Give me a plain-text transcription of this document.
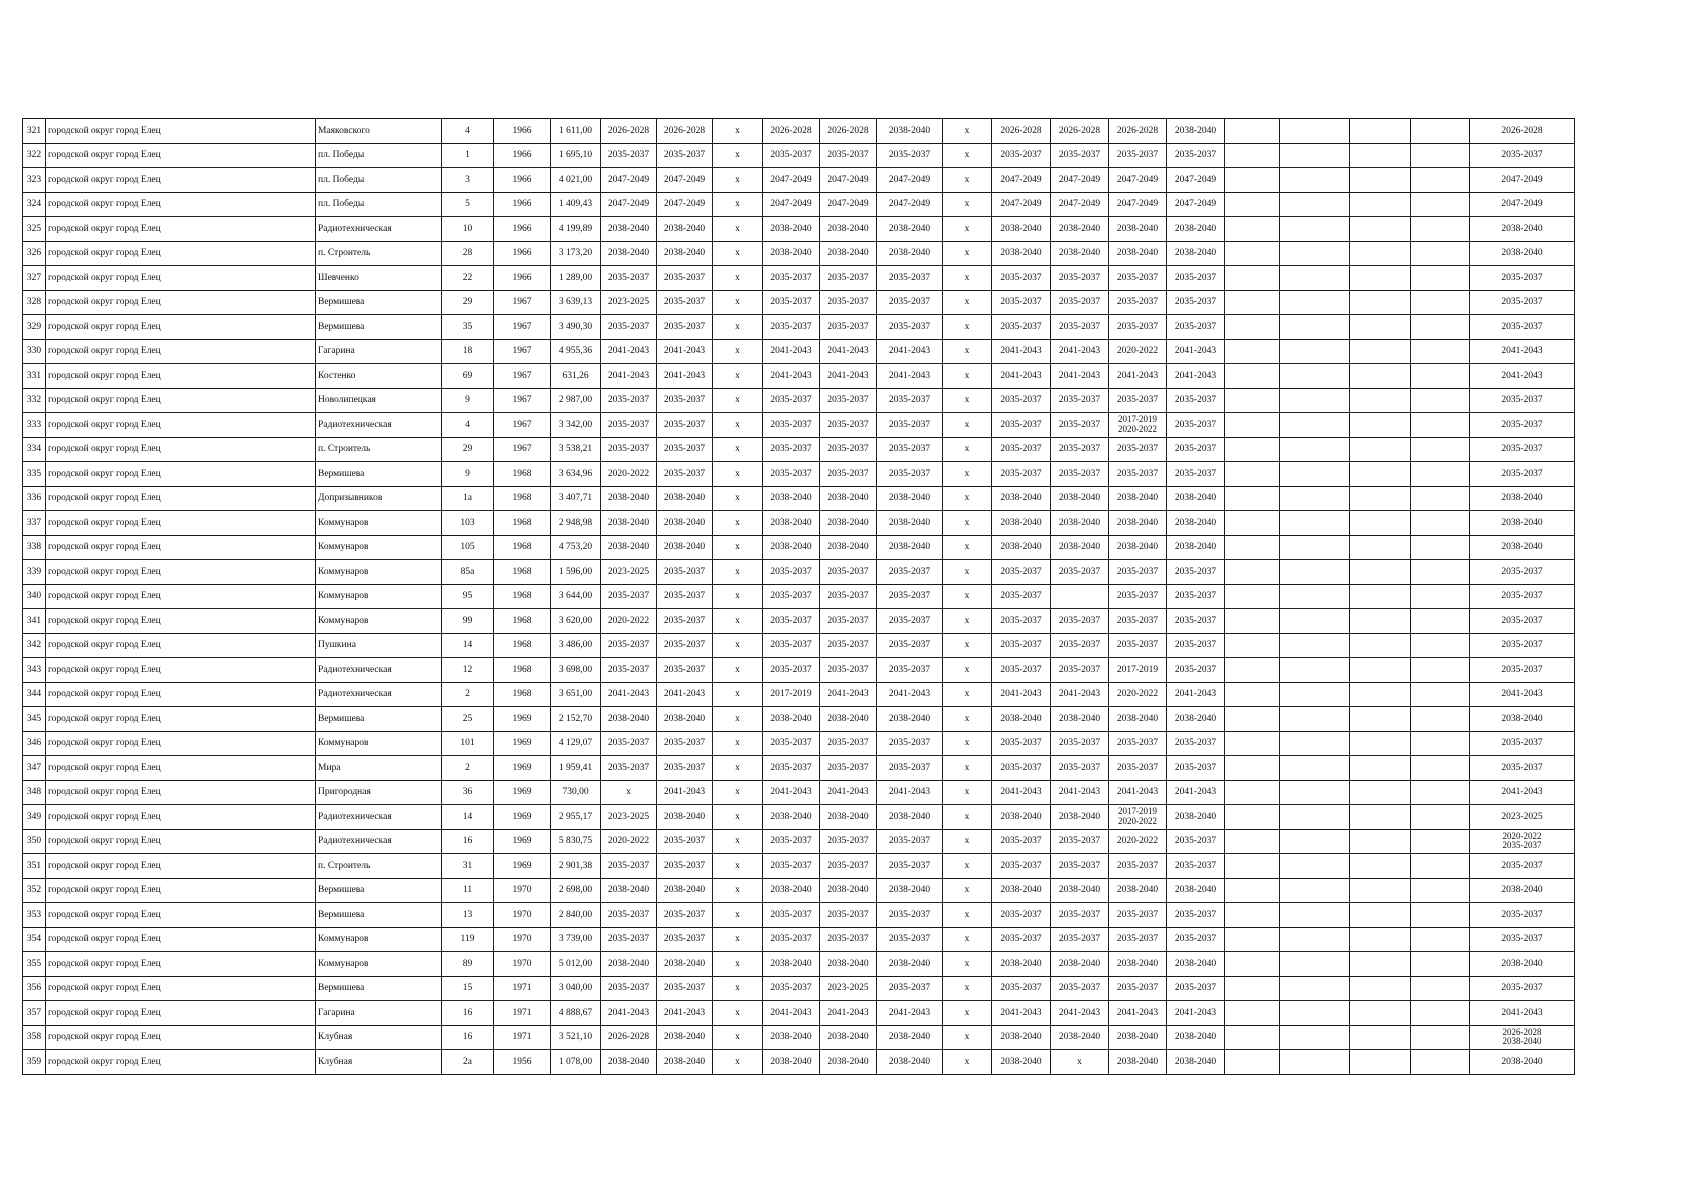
321	городской округ город Елец	Маяковского	4	1966	1 611,00	2026-2028	2026-2028	х	2026-2028	2026-2028	2038-2040	х	2026-2028	2026-2028	2026-2028	2038-2040					2026-2028
322	городской округ город Елец	пл. Победы	1	1966	1 695,10	2035-2037	2035-2037	х	2035-2037	2035-2037	2035-2037	х	2035-2037	2035-2037	2035-2037	2035-2037					2035-2037
323	городской округ город Елец	пл. Победы	3	1966	4 021,00	2047-2049	2047-2049	х	2047-2049	2047-2049	2047-2049	х	2047-2049	2047-2049	2047-2049	2047-2049					2047-2049
324	городской округ город Елец	пл. Победы	5	1966	1 409,43	2047-2049	2047-2049	х	2047-2049	2047-2049	2047-2049	х	2047-2049	2047-2049	2047-2049	2047-2049					2047-2049
325	городской округ город Елец	Радиотехническая	10	1966	4 199,89	2038-2040	2038-2040	х	2038-2040	2038-2040	2038-2040	х	2038-2040	2038-2040	2038-2040	2038-2040					2038-2040
326	городской округ город Елец	п. Строитель	28	1966	3 173,20	2038-2040	2038-2040	х	2038-2040	2038-2040	2038-2040	х	2038-2040	2038-2040	2038-2040	2038-2040					2038-2040
327	городской округ город Елец	Шевченко	22	1966	1 289,00	2035-2037	2035-2037	х	2035-2037	2035-2037	2035-2037	х	2035-2037	2035-2037	2035-2037	2035-2037					2035-2037
328	городской округ город Елец	Вермишева	29	1967	3 639,13	2023-2025	2035-2037	х	2035-2037	2035-2037	2035-2037	х	2035-2037	2035-2037	2035-2037	2035-2037					2035-2037
329	городской округ город Елец	Вермишева	35	1967	3 490,30	2035-2037	2035-2037	х	2035-2037	2035-2037	2035-2037	х	2035-2037	2035-2037	2035-2037	2035-2037					2035-2037
330	городской округ город Елец	Гагарина	18	1967	4 955,36	2041-2043	2041-2043	х	2041-2043	2041-2043	2041-2043	х	2041-2043	2041-2043	2020-2022	2041-2043					2041-2043
331	городской округ город Елец	Костенко	69	1967	631,26	2041-2043	2041-2043	х	2041-2043	2041-2043	2041-2043	х	2041-2043	2041-2043	2041-2043	2041-2043					2041-2043
332	городской округ город Елец	Новолипецкая	9	1967	2 987,00	2035-2037	2035-2037	х	2035-2037	2035-2037	2035-2037	х	2035-2037	2035-2037	2035-2037	2035-2037					2035-2037
333	городской округ город Елец	Радиотехническая	4	1967	3 342,00	2035-2037	2035-2037	х	2035-2037	2035-2037	2035-2037	х	2035-2037	2035-2037	2017-2019
2020-2022	2035-2037					2035-2037
334	городской округ город Елец	п. Строитель	29	1967	3 538,21	2035-2037	2035-2037	х	2035-2037	2035-2037	2035-2037	х	2035-2037	2035-2037	2035-2037	2035-2037					2035-2037
335	городской округ город Елец	Вермишева	9	1968	3 634,96	2020-2022	2035-2037	х	2035-2037	2035-2037	2035-2037	х	2035-2037	2035-2037	2035-2037	2035-2037					2035-2037
336	городской округ город Елец	Допризывников	1а	1968	3 407,71	2038-2040	2038-2040	х	2038-2040	2038-2040	2038-2040	х	2038-2040	2038-2040	2038-2040	2038-2040					2038-2040
337	городской округ город Елец	Коммунаров	103	1968	2 948,98	2038-2040	2038-2040	х	2038-2040	2038-2040	2038-2040	х	2038-2040	2038-2040	2038-2040	2038-2040					2038-2040
338	городской округ город Елец	Коммунаров	105	1968	4 753,20	2038-2040	2038-2040	х	2038-2040	2038-2040	2038-2040	х	2038-2040	2038-2040	2038-2040	2038-2040					2038-2040
339	городской округ город Елец	Коммунаров	85а	1968	1 596,00	2023-2025	2035-2037	х	2035-2037	2035-2037	2035-2037	х	2035-2037	2035-2037	2035-2037	2035-2037					2035-2037
340	городской округ город Елец	Коммунаров	95	1968	3 644,00	2035-2037	2035-2037	х	2035-2037	2035-2037	2035-2037	х	2035-2037		2035-2037	2035-2037					2035-2037
341	городской округ город Елец	Коммунаров	99	1968	3 620,00	2020-2022	2035-2037	х	2035-2037	2035-2037	2035-2037	х	2035-2037	2035-2037	2035-2037	2035-2037					2035-2037
342	городской округ город Елец	Пушкина	14	1968	3 486,00	2035-2037	2035-2037	х	2035-2037	2035-2037	2035-2037	х	2035-2037	2035-2037	2035-2037	2035-2037					2035-2037
343	городской округ город Елец	Радиотехническая	12	1968	3 698,00	2035-2037	2035-2037	х	2035-2037	2035-2037	2035-2037	х	2035-2037	2035-2037	2017-2019	2035-2037					2035-2037
344	городской округ город Елец	Радиотехническая	2	1968	3 651,00	2041-2043	2041-2043	х	2017-2019	2041-2043	2041-2043	х	2041-2043	2041-2043	2020-2022	2041-2043					2041-2043
345	городской округ город Елец	Вермишева	25	1969	2 152,70	2038-2040	2038-2040	х	2038-2040	2038-2040	2038-2040	х	2038-2040	2038-2040	2038-2040	2038-2040					2038-2040
346	городской округ город Елец	Коммунаров	101	1969	4 129,07	2035-2037	2035-2037	х	2035-2037	2035-2037	2035-2037	х	2035-2037	2035-2037	2035-2037	2035-2037					2035-2037
347	городской округ город Елец	Мира	2	1969	1 959,41	2035-2037	2035-2037	х	2035-2037	2035-2037	2035-2037	х	2035-2037	2035-2037	2035-2037	2035-2037					2035-2037
348	городской округ город Елец	Пригородная	36	1969	730,00	х	2041-2043	х	2041-2043	2041-2043	2041-2043	х	2041-2043	2041-2043	2041-2043	2041-2043					2041-2043
349	городской округ город Елец	Радиотехническая	14	1969	2 955,17	2023-2025	2038-2040	х	2038-2040	2038-2040	2038-2040	х	2038-2040	2038-2040	2017-2019
2020-2022	2038-2040					2023-2025
350	городской округ город Елец	Радиотехническая	16	1969	5 830,75	2020-2022	2035-2037	х	2035-2037	2035-2037	2035-2037	х	2035-2037	2035-2037	2020-2022	2035-2037					2020-2022
2035-2037
351	городской округ город Елец	п. Строитель	31	1969	2 901,38	2035-2037	2035-2037	х	2035-2037	2035-2037	2035-2037	х	2035-2037	2035-2037	2035-2037	2035-2037					2035-2037
352	городской округ город Елец	Вермишева	11	1970	2 698,00	2038-2040	2038-2040	х	2038-2040	2038-2040	2038-2040	х	2038-2040	2038-2040	2038-2040	2038-2040					2038-2040
353	городской округ город Елец	Вермишева	13	1970	2 840,00	2035-2037	2035-2037	х	2035-2037	2035-2037	2035-2037	х	2035-2037	2035-2037	2035-2037	2035-2037					2035-2037
354	городской округ город Елец	Коммунаров	119	1970	3 739,00	2035-2037	2035-2037	х	2035-2037	2035-2037	2035-2037	х	2035-2037	2035-2037	2035-2037	2035-2037					2035-2037
355	городской округ город Елец	Коммунаров	89	1970	5 012,00	2038-2040	2038-2040	х	2038-2040	2038-2040	2038-2040	х	2038-2040	2038-2040	2038-2040	2038-2040					2038-2040
356	городской округ город Елец	Вермишева	15	1971	3 040,00	2035-2037	2035-2037	х	2035-2037	2023-2025	2035-2037	х	2035-2037	2035-2037	2035-2037	2035-2037					2035-2037
357	городской округ город Елец	Гагарина	16	1971	4 888,67	2041-2043	2041-2043	х	2041-2043	2041-2043	2041-2043	х	2041-2043	2041-2043	2041-2043	2041-2043					2041-2043
358	городской округ город Елец	Клубная	16	1971	3 521,10	2026-2028	2038-2040	х	2038-2040	2038-2040	2038-2040	х	2038-2040	2038-2040	2038-2040	2038-2040					2026-2028
2038-2040
359	городской округ город Елец	Клубная	2а	1956	1 078,00	2038-2040	2038-2040	х	2038-2040	2038-2040	2038-2040	х	2038-2040	х	2038-2040	2038-2040					2038-2040
